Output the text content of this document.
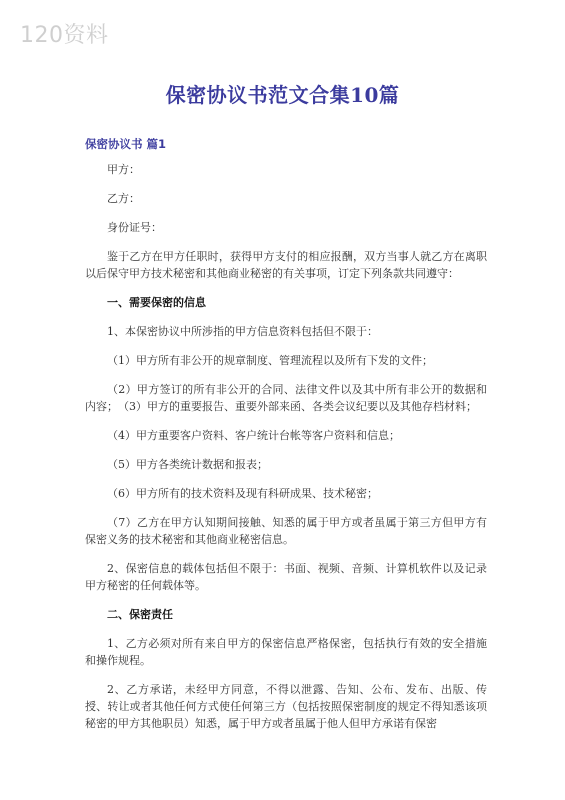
120资料
保密协议书范文合集10篇
保密协议书 篇1

甲方：

乙方：

身份证号：

鉴于乙方在甲方任职时，获得甲方支付的相应报酬，双方当事人就乙方在离职以后保守甲方技术秘密和其他商业秘密的有关事项，订定下列条款共同遵守：

一、需要保密的信息

1、本保密协议中所涉指的甲方信息资料包括但不限于：

（1）甲方所有非公开的规章制度、管理流程以及所有下发的文件；

（2）甲方签订的所有非公开的合同、法律文件以及其中所有非公开的数据和内容；　（3）甲方的重要报告、重要外部来函、各类会议纪要以及其他存档材料；

（4）甲方重要客户资料、客户统计台帐等客户资料和信息；

（5）甲方各类统计数据和报表；

（6）甲方所有的技术资料及现有科研成果、技术秘密；

（7）乙方在甲方认知期间接触、知悉的属于甲方或者虽属于第三方但甲方有保密义务的技术秘密和其他商业秘密信息。

2、保密信息的载体包括但不限于：书面、视频、音频、计算机软件以及记录甲方秘密的任何载体等。

二、保密责任

1、乙方必须对所有来自甲方的保密信息严格保密，包括执行有效的安全措施和操作规程。

2、乙方承诺，未经甲方同意，不得以泄露、告知、公布、发布、出版、传授、转让或者其他任何方式使任何第三方（包括按照保密制度的规定不得知悉该项秘密的甲方其他职员）知悉，属于甲方或者虽属于他人但甲方承诺有保密
